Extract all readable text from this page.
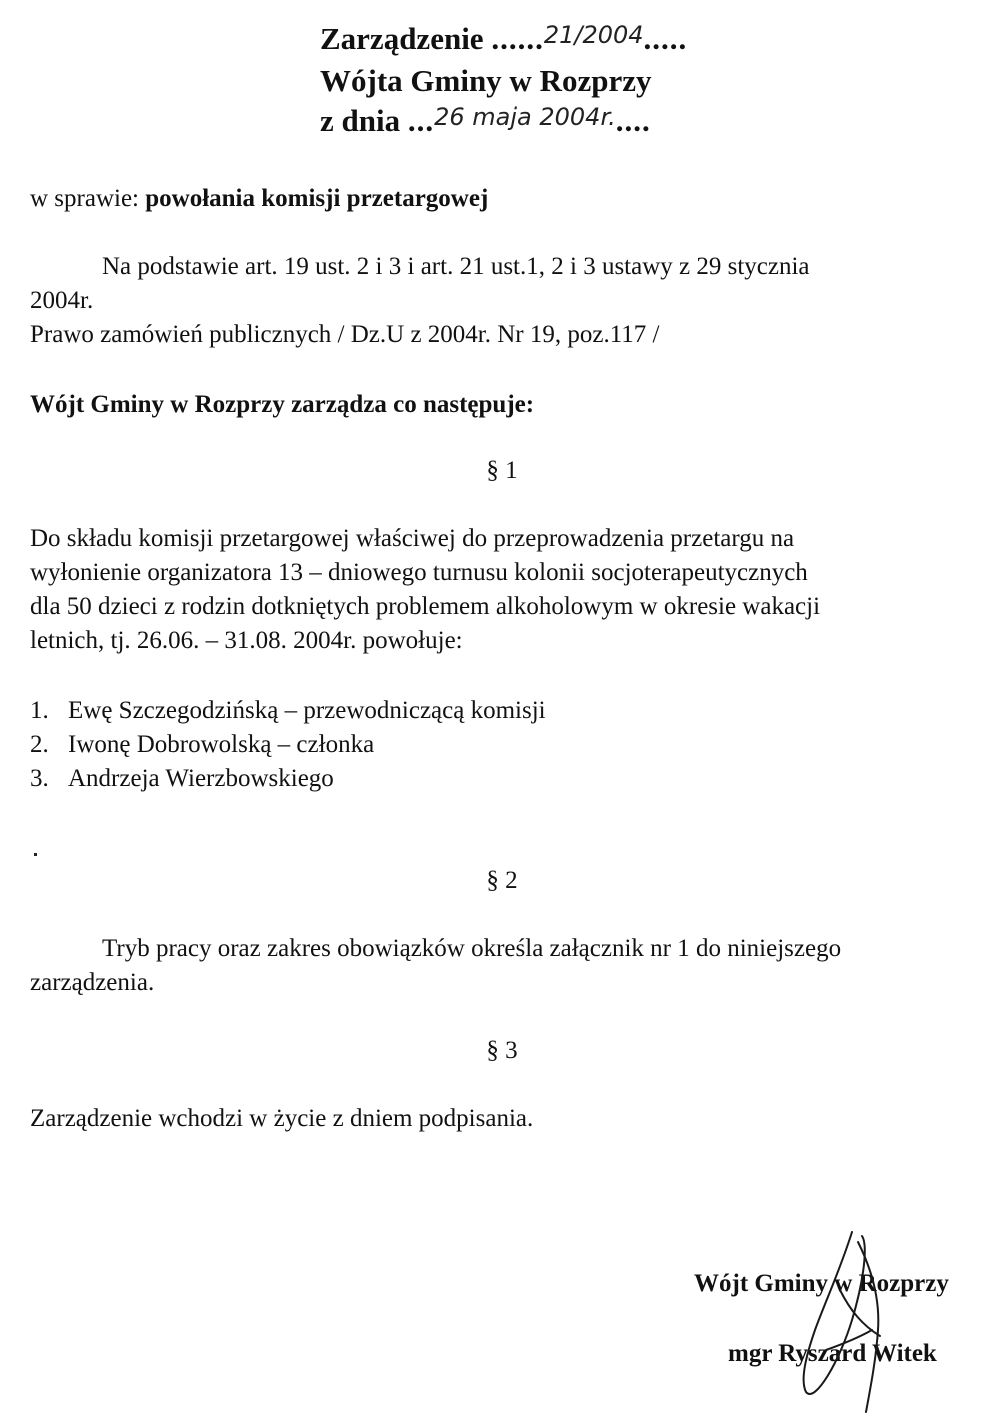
Zarządzenie ......21/2004.....
Wójta Gminy w Rozprzy
z dnia ...26 maja 2004r.....
w sprawie: powołania komisji przetargowej
Na podstawie art. 19 ust. 2 i 3 i art. 21 ust.1, 2 i 3 ustawy z 29 stycznia
2004r.
Prawo zamówień publicznych / Dz.U z 2004r. Nr 19, poz.117 /
Wójt Gminy w Rozprzy zarządza co następuje:
§ 1
Do składu komisji przetargowej właściwej do przeprowadzenia przetargu na
wyłonienie organizatora 13 – dniowego turnusu kolonii socjoterapeutycznych
dla 50 dzieci z rodzin dotkniętych problemem alkoholowym w okresie wakacji
letnich, tj. 26.06. – 31.08. 2004r. powołuje:
1. Ewę Szczegodzińską – przewodniczącą komisji
2. Iwonę Dobrowolską – członka
3. Andrzeja Wierzbowskiego
§ 2
Tryb pracy oraz zakres obowiązków określa załącznik nr 1 do niniejszego
zarządzenia.
§ 3
Zarządzenie wchodzi w życie z dniem podpisania.
Wójt Gminy w Rozprzy
mgr Ryszard Witek
